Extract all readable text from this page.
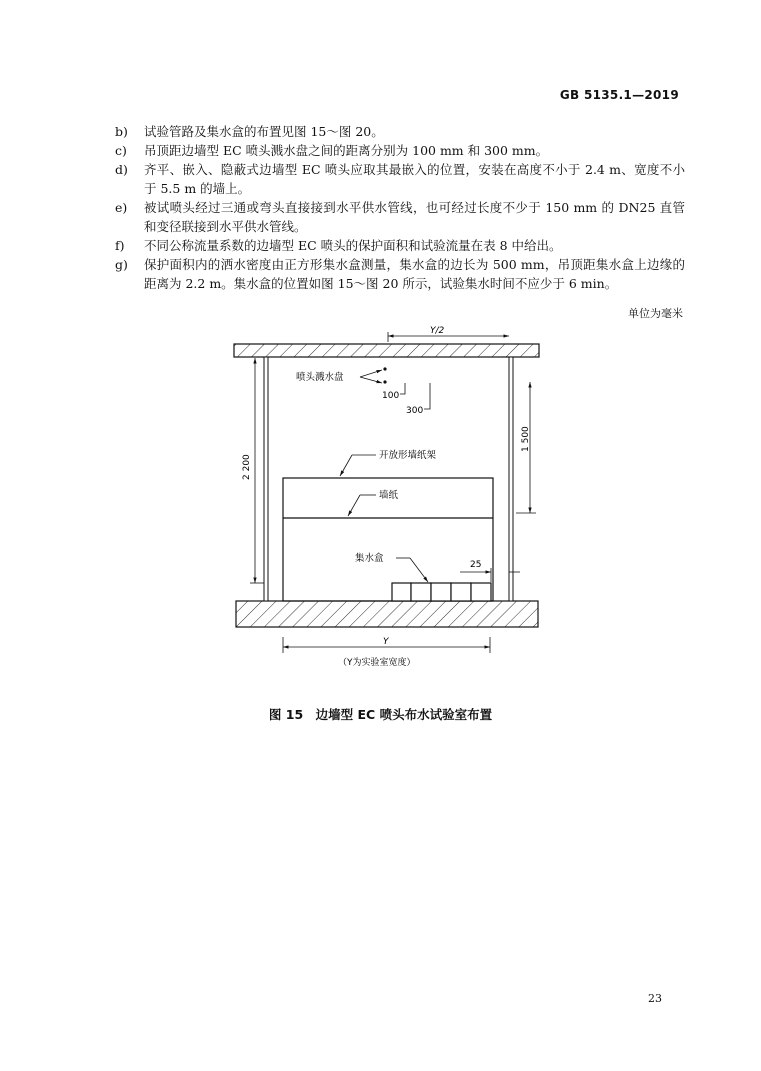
GB 5135.1—2019
b)	试验管路及集水盒的布置见图 15～图 20。
c)	吊顶距边墙型 EC 喷头溅水盘之间的距离分别为 100 mm 和 300 mm。
d)	齐平、嵌入、隐蔽式边墙型 EC 喷头应取其最嵌入的位置，安装在高度不小于 2.4 m、宽度不小于 5.5 m 的墙上。
e)	被试喷头经过三通或弯头直接接到水平供水管线，也可经过长度不少于 150 mm 的 DN25 直管和变径联接到水平供水管线。
f)	不同公称流量系数的边墙型 EC 喷头的保护面积和试验流量在表 8 中给出。
g)	保护面积内的洒水密度由正方形集水盒测量，集水盒的边长为 500 mm，吊顶距集水盒上边缘的距离为 2.2 m。集水盒的位置如图 15～图 20 所示，试验集水时间不应少于 6 min。
单位为毫米
Y/2
喷头溅水盘
100
300
1 500
2 200	开放形墙纸架
墙纸
集水盒
25
Y
（Y为实验室宽度）
图 15　边墙型 EC 喷头布水试验室布置
23
